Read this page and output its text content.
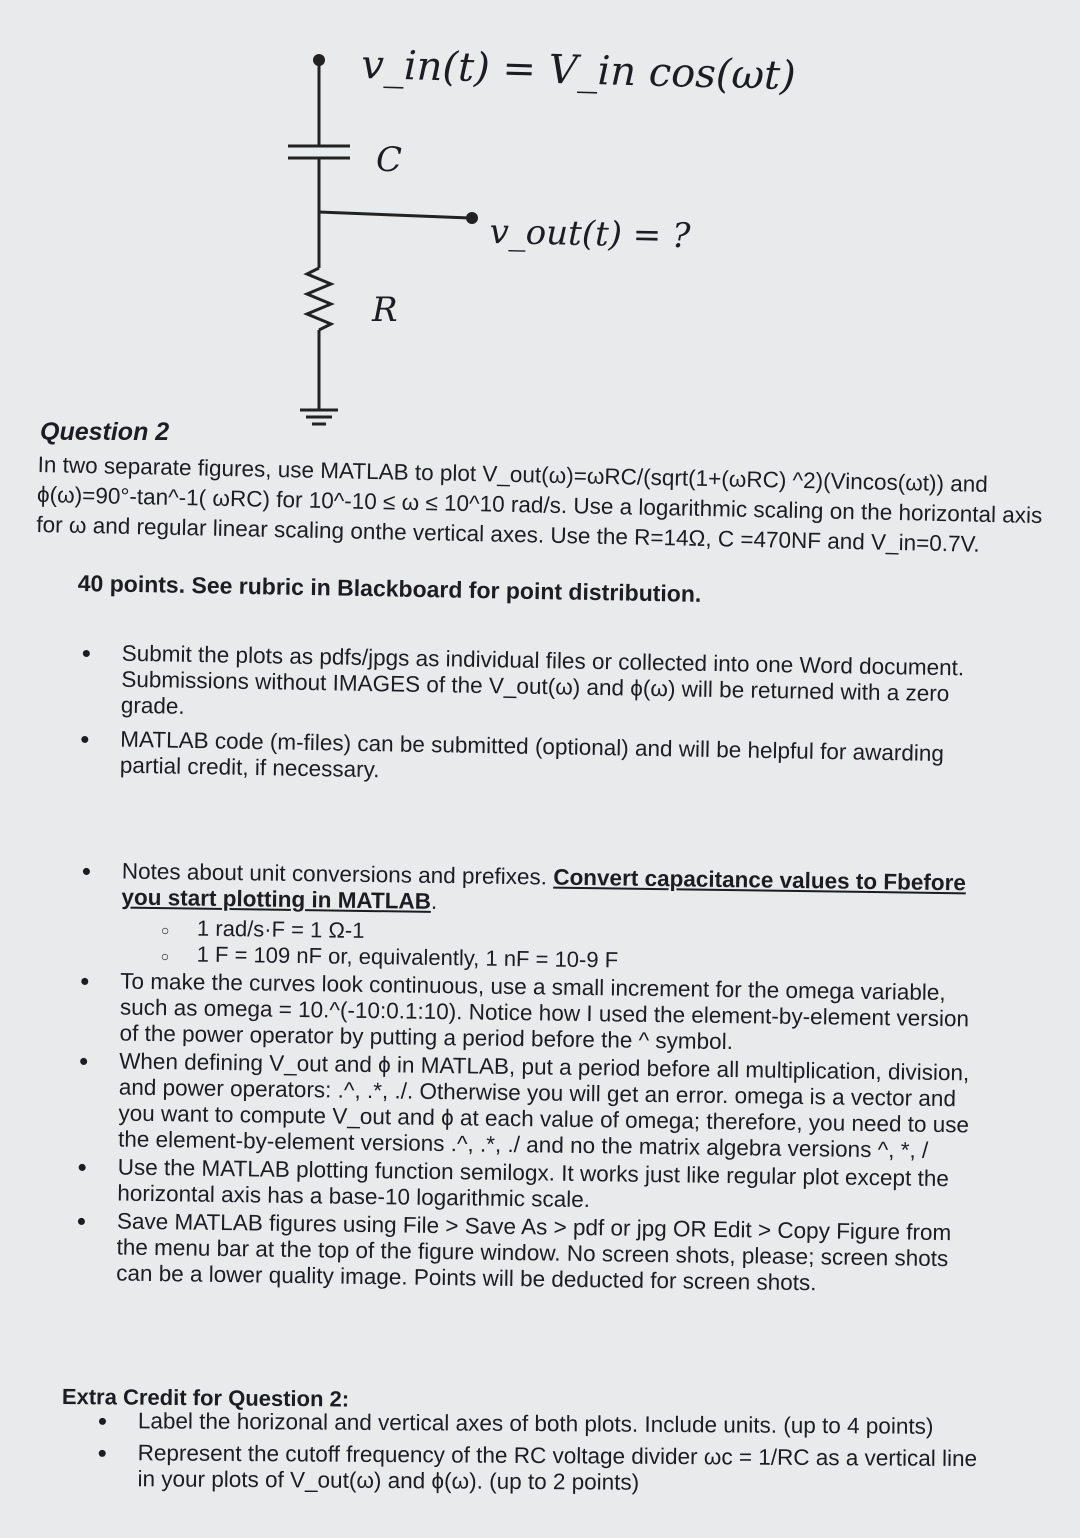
v_in(t) = V_in cos(ωt)
C
v_out(t) = ?
R
Question 2
In two separate figures, use MATLAB to plot V_out(ω)=ωRC/(sqrt(1+(ωRC) ^2)(Vincos(ωt)) and ϕ(ω)=90°-tan^-1( ωRC) for 10^-10 ≤ ω ≤ 10^10 rad/s. Use a logarithmic scaling on the horizontal axis for ω and regular linear scaling onthe vertical axes. Use the R=14Ω, C =470NF and V_in=0.7V.
40 points. See rubric in Blackboard for point distribution.
• Submit the plots as pdfs/jpgs as individual files or collected into one Word document. Submissions without IMAGES of the V_out(ω) and ϕ(ω) will be returned with a zero grade.
• MATLAB code (m-files) can be submitted (optional) and will be helpful for awarding partial credit, if necessary.
• Notes about unit conversions and prefixes. Convert capacitance values to Fbefore you start plotting in MATLAB.
○ 1 rad/s·F = 1 Ω-1
○ 1 F = 109 nF or, equivalently, 1 nF = 10-9 F
• To make the curves look continuous, use a small increment for the omega variable, such as omega = 10.^(-10:0.1:10). Notice how I used the element-by-element version of the power operator by putting a period before the ^ symbol.
• When defining V_out and ϕ in MATLAB, put a period before all multiplication, division, and power operators: .^, .*, ./. Otherwise you will get an error. omega is a vector and you want to compute V_out and ϕ at each value of omega; therefore, you need to use the element-by-element versions .^, .*, ./ and no the matrix algebra versions ^, *, /
• Use the MATLAB plotting function semilogx. It works just like regular plot except the horizontal axis has a base-10 logarithmic scale.
• Save MATLAB figures using File > Save As > pdf or jpg OR Edit > Copy Figure from the menu bar at the top of the figure window. No screen shots, please; screen shots can be a lower quality image. Points will be deducted for screen shots.
Extra Credit for Question 2:
• Label the horizonal and vertical axes of both plots. Include units. (up to 4 points)
• Represent the cutoff frequency of the RC voltage divider ωc = 1/RC as a vertical line in your plots of V_out(ω) and ϕ(ω). (up to 2 points)
